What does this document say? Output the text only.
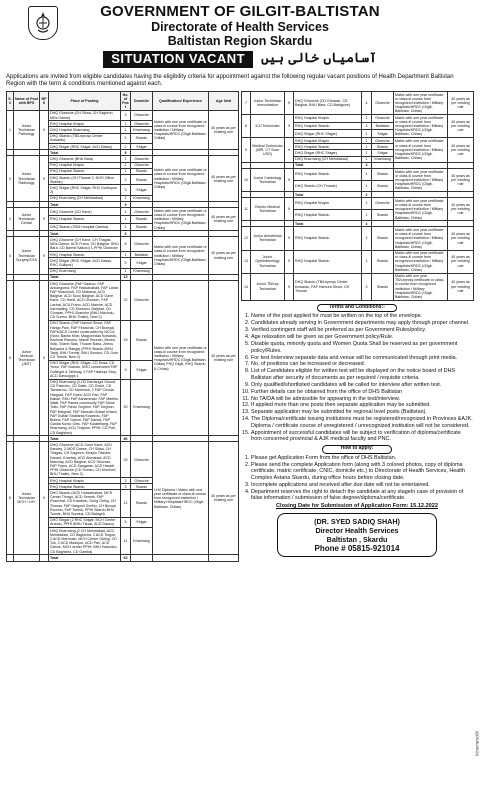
GOVERNMENT OF GILGIT-BALTISTAN
Directorate of Health Services
Baltistan Region Skardu
SITUATION VACANT	آسامیاں خالی ہیں
Applications are invited from eligible candidates having the eligibility criteria for appointment against the following regular vacant positions of Health Department Baltistan Region with the term & conditions mentioned against each.
S.#	Name of Post with BPS	BPS	Place of Posting	No. of Post	Domicile	Qualification/ Experience	Age limit
1	Junior Technician Pathology	9	DHQ Ghanche (CH Siksa, CH Saghron, MDs Ganse)	3	Ghanche	Matric with one year certificate or class-iii course from recognized institution / Military Hospitals/HRDC (Gilgit-Baltistan, Chilas)	40 years as per existing rule
			RHQ Hospital Khaplu	1	Ghanche		
			DHQ Hospital Kharmang	1	Kharmang		
			DHQ Skardu (TB/Leprosy Center Kowardu)	2	Skardu		
			DHQ Shigar (RHC Shigar, ACD Dassu)	2	Shigar		
			Total	9			
2	Junior Technician Radiology	9	DHQ Ghanche (BHU Bara)	1	Ghanche	Matric with one year certificate or class-iii course from recognized institution / Military Hospitals/HRDC (Gilgit-Baltistan, Chilas)	40 years as per existing rule
			RHQ Hospital Khaplu	1	Ghanche		
			RHQ Hospital Skardu	1	Skardu		
			DHQ Skardu (CH Thowar 2, DHO Office Skardu)	2	Skardu		
			DHQ Shigar (RHC Shigar, RHC Dodropon 2)	3	Shigar		
			DHQ Kharmang (CH Mehdiabad)	1	Kharmang		
			Total	9			
3	Junior Technician Dental	9	DHQ Ghanche (CD Kane)	1	Ghanche	Matric with one year certificate or class-iii course from recognized institution / Military Hospitals/HRDC (Gilgit-Baltistan, Chilas)	40 years as per existing rule
			RHQ Hospital Skardu	1	Skardu		
			DHQ Skardu (SSM Hospital Gamba)	1	Skardu		
			Total	3			
4	Junior Technician Surgery/OTA	9	DHQ Ghanche (CH Kane, CH Thagas, MDs Ganse, ACD Frano, CD Balghar, BHU Bara, CD Barmit Saltoro) 1-PPHI Ghanche	8	Ghanche	Matric with one year certificate or class-iii course from recognized institution / Military Hospitals/HRDC (Gilgit-Baltistan, Chilas)	40 years as per existing rule
			RHQ Hospital Skardu	1	Baltistan		
			DHQ Shigar (RHC Shigar, ACD Dassu, RHC Gulbpor)	3	Shigar		
			DHQ Kharmang	1	Kharmang		
			Total	13			
5	Junior Medical Technician (JMT)	9	DHQ Ghanche (FAP Gadroo, FAP Ankangoma, FAP Hassanabad, FAP Lahar, FAP Khachooh, CD Mabacal, ACD Balghar, ACD Scoo Balghar, ACD Gone Kane, CD Hardi, ACD Ghursen, FAP Lachat, ACD Frano, ACD Marche, ACD Karmading, CD Khusmoi, Balghar, CD Chowari, PPHI Ghanche (BHU Machulu, CD Surmo, BHU Thalle), New 2)	22	Ghanche	Matric with one year certificate or class-iii course from recognized institution / Military Hospitals/HRDC (Gilgit-Baltistan, Chilas) PHQ Gilgit, RHQ Skardu & Chilas)	40 years as per existing rule
			DHO Skardu (FAP Hamuri Shoot, FAP Harigo Pain, FAP Firanchat, CH Burnyal, FAPs/ACD Center constructed by NCCA (Nold, Basho Khar, Maqponidaa Kowardu, Kachnal Risoonu, Mandi Roundu, Benea Stak, Sharin Stak, Thowar Baba, Zeenu Balyaera & Ranga) (PPHI Skardu (BHU Tara), BHU Tormik, BHU Sundus, CD Gole, CD Tormik, New 2)	19	Skardu		
			DHO Shigar (RHC Shigar, CD Hosa, CD Yuwu, FAP Arandu, NGO constructed FAP Ooltingol & Tarkisay, 2 FAP Hashupi Stop, ACD Dassu)ppk 1	9	Shigar		
			DHQ Kharmang (3-CD Kamangoi Gound, CD Patenho, CD Gatte, CD Gochi, CD Tainsarmo, CD Marmush, 2 FAP Chosla, Hargosil, FAP Gaeo, ACD Pari, FAP Kakari, RKD FAP Ashammad, FAP Manthu Nalai, FAP Panda community FAP Stone Toltu, FAP Sredo Torghon, FAP Torghon, FAP Hargosil, FAP Manuah Gultari Kharoi, FAP Gultari Stoktanta Kowardu, FAP Bubna, FAP Gahori, FAP Darsat, FAP Ganba Kurdo Girtc, FAP Kutabthang, FAP Kharmang, ACD Torghon, PPHI: CD Pari, CD Baghbon)	30	Kharmang		
			Total	80			
6	Junior Technician MCH / LHV	9	DHQ Ghanche (ACD Gone Kane, ACD Kandey, 2-MDS Ganse, CH Siksa, CH Thagas, CH Saghron, Khaplu Tissoter, Daosoi, Kharfaq, ACD Ahmabad, ACD Marchay, ACD Balghar, ACD Ghursan, FAP Frano, ACD Saogaras, ACD Haradi, PPHI Ghanche (CD Somsu, CD Khurhee, BHU Thalle), New 2)	29	Ghanche	LHV Diploma / Matric with one year certificate or class-iii course from recognized institution / Military Hospitals/HRDC (Gilgit-Baltistan, Chilas)	40 years as per existing rule
			RHQ Hospital Khaplu	3	Ghanche		
			RHQ Hospital Skardu	3	Skardu		
			DHO Skardu (ACD Hussainabad, MCH Center Thorgo, ACD Sermik, FAP Firanchat, CD Kowardu, Gong Oldng, CH Thowar, FAP Hargosil Gerthu, CH Bunyal Roundu, FAP Tormik, PPHI Skardu BHU Tormik, BHU Sundus, CD Balagel)	12	Skardu		
			DHO Shigar (2 RHC Shigar, MCH Center Arandu, PPHI (BHU Tissar, ACD Dassu)	5	Shigar		
			DHQ Kharmang (2 CH Mehdiabad, ACD Mehdiabad, CD Baghicha, 2 ACD Torgon, 2 ACD Marmush, MCH Center Olding, CD Tuk, 2 ACD Madupur, ACD Pari, ACD Ganoe, MCH center PPHI: BHU Hasonbu, CD Baghicha, CD Gamba)	11	Kharmang		
			Total	63			
7	Junior Technician Immunization	9	DHQ Ghanche (CD Ghowari, CD Balghar, BHU Bara, CD Balagone)	4	Ghanche	Matric with one year certificate or class-iii course from recognized institution / Military Hospitals/HRDC (Gilgit-Baltistan, Chilas)	40 years as per existing rule
8	ICU Technician	9	RHQ Hospital Khaplu	2	Ghanche	Matric with one year certificate or class-iii course from recognized institution / Military Hospitals/HRDC (Gilgit-Baltistan, Chilas)	40 years as per existing rule
			RHQ Hospital Skardu	3	Baltistan		
			DHQ Shigar (RHC Shigar)	1	Shigar		
9	Medical Technician (MRI, CT Scan USG)	9	RHQ Hospital Khaplu	1	Ghanche	Matric with one year certificate or class-iii course from recognized institution / Military Hospitals/HRDC (Gilgit-Baltistan, Chilas)	40 years as per existing rule
			RHQ Hospital Skardu	1	Skardu		
			DHQ Shigar (RHC Shigar)	1	Shigar		
			DHQ Kharmang (CH Mehdiabad)	1	Kharmang		
			Total	4			
10	Junior Cardiology Technician	9	RHQ Hospital Skardu	1	Skardu	Matric with one year certificate or class-iii course from recognized institution / Military Hospitals/HRDC (Gilgit-Baltistan, Chilas)	40 years as per existing rule
			DHQ Skardu (CH Thowar)	1	Skardu		
			Total	2			
11	Electro Medical Technician	9	RHQ Hospital Khaplu	1	Ghanche	Matric with one year certificate or class-iii course from recognized institution / Military Hospitals/HRDC (Gilgit-Baltistan, Chilas)	40 years as per existing rule
			RHQ Hospital Skardu	1	Skardu		
			Total	2			
12	Junior Anesthesia Technician	9	RHQ Hospital Skardu	1	Skardu	Matric with one year certificate or class-iii course from recognized institution / Military Hospitals/HRDC (Gilgit-Baltistan, Chilas)	40 years as per existing rule
13	Junior Ophthalmology Technician	9	RHQ Hospital Skardu	1	Skardu	Matric with one year certificate or class-iii course from recognized institution / Military Hospitals/HRDC (Gilgit-Baltistan, Chilas)	40 years as per existing rule
14	Junior TB/Lep Technician	9	DHQ Skardu (TB/Leprosy Center Kowardu, FAP Hamura Shoot, CH Thowar	3	Skardu	Matric with one year TB/Leprosy certificate or class-iii course from recognized institution / Military Hospitals/HRDC (Gilgit-Baltistan, Chilas)	40 years as per existing rule
Terms and Conditions:-
1. Name of the post applied for must be written on the top of the envelope.
2. Candidates already serving in Government departments may apply through proper channel.
3. Verified contingent staff will be preferred as per Government Rules/policy.
4. Age relaxation will be given as per Government policy/Rule.
5. Disable quota, minority quota and Women Quota Shall be reserved as per government policy/Rules.
6. For test /interview separate data and venue will be communicated through print media.
7. No. of positions can be increased or decreased.
8. List of Candidates eligible for written test will be displayed on the notice board of DHS Baltistan after security of documents as per required / requisite criteria.
9. Only qualified/shortlisted candidates will be called for interview after written test.
10. Further details can be obtained from the office of DHS Baltistan
11. No TA/DA will be admissible for appearing in the test/interview.
12. If applied more than one posts then separate application may be submitted.
13. Separate application may be submitted for regional level posts (Baltistan).
14. The Diploma/certificate issuing institutions must be registered/recognized in Provinces &AJK. Diploma / certificate course of unregistered / unrecognized institution will not be considered.
15. Appointment of successful candidates will be subject to verification of diploma/certificate from concerned provincial & AJK medical faculty and PNC.
How to apply:
1. Please get Application Form from the office of DHS Baltistan.
2. Please send the complete Application form (along with 3 colored photos, copy of diploma certificate, matric certificate, CNIC, domicile etc.) to Directorate of Health Services, Health Complex Astana Skardu, during office hours before closing date.
3. Incomplete applications and received after due date will not be entertained.
4. Department reserves the right to detach the candidate at any stageIn case of provision of false information / submission of false degree/diploma/certificate.
Closing Date for Submission of Application Form: 15.12.2022
(DR. SYED SADIQ SHAH)
Director Health Services
Baltistan , Skardu
Phone # 05815-921014
(QOS-BLSK/22)
